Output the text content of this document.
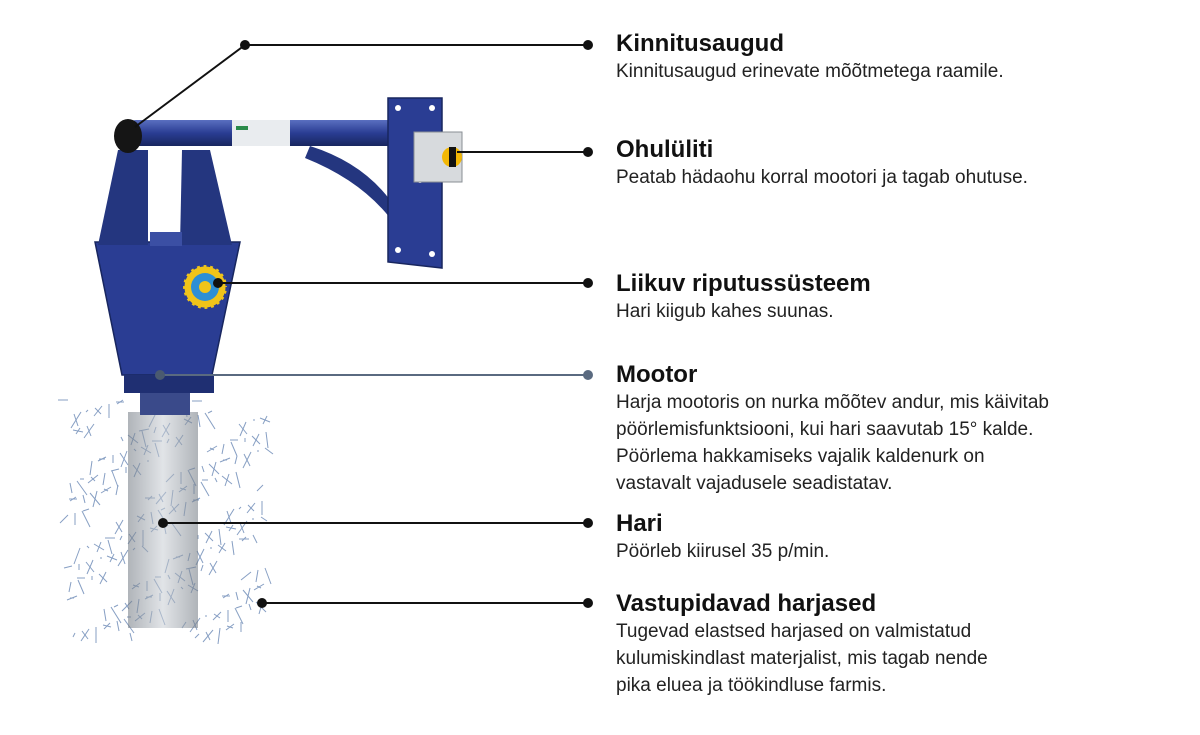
Kinnitusaugud

Kinnitusaugud erinevate mõõtmetega raamile.

Ohulüliti

Peatab hädaohu korral mootori ja tagab ohutuse.

Liikuv riputussüsteem

Hari kiigub kahes suunas.

Mootor

Harja mootoris on nurka mõõtev andur, mis käivitab
pöörlemisfunktsiooni, kui hari saavutab 15° kalde.
Pöörlema hakkamiseks vajalik kaldenurk on
vastavalt vajadusele seadistatav.

Hari

Pöörleb kiirusel 35 p/min.

Vastupidavad harjased

Tugevad elastsed harjased on valmistatud
kulumiskindlast materjalist, mis tagab nende
pika eluea ja töökindluse farmis.
